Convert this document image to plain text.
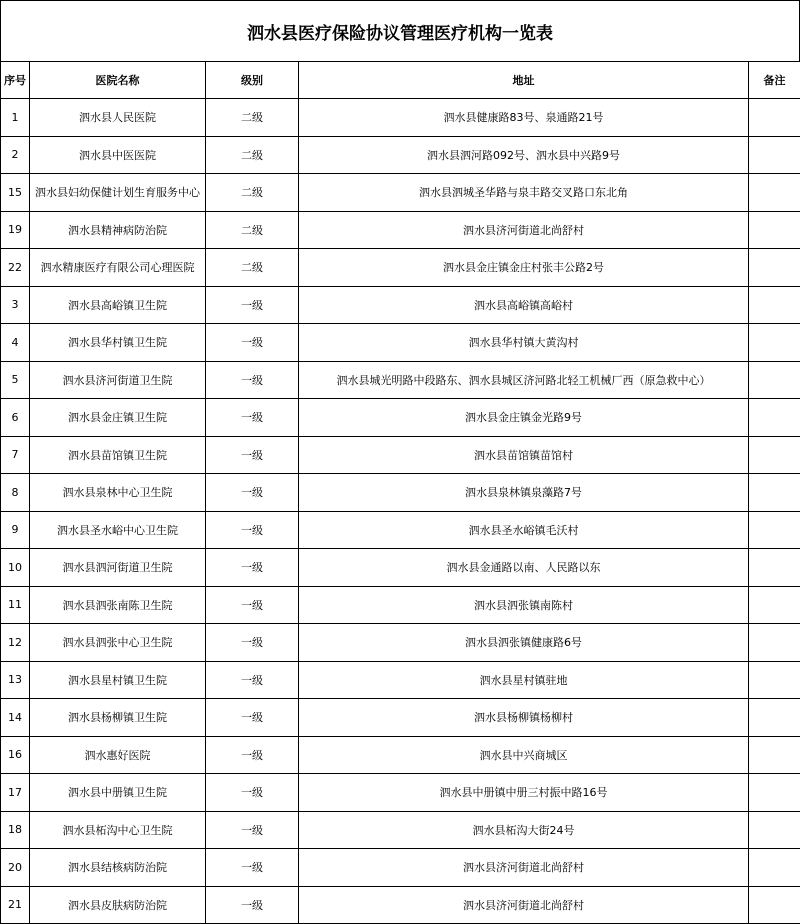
泗水县医疗保险协议管理医疗机构一览表
序号	医院名称	级别	地址	备注
1	泗水县人民医院	二级	泗水县健康路83号、泉通路21号	
2	泗水县中医医院	二级	泗水县泗河路092号、泗水县中兴路9号	
15	泗水县妇幼保健计划生育服务中心	二级	泗水县泗城圣华路与泉丰路交叉路口东北角	
19	泗水县精神病防治院	二级	泗水县济河街道北尚舒村	
22	泗水精康医疗有限公司心理医院	二级	泗水县金庄镇金庄村张丰公路2号	
3	泗水县高峪镇卫生院	一级	泗水县高峪镇高峪村	
4	泗水县华村镇卫生院	一级	泗水县华村镇大黄沟村	
5	泗水县济河街道卫生院	一级	泗水县城光明路中段路东、泗水县城区济河路北轻工机械厂西（原急救中心）	
6	泗水县金庄镇卫生院	一级	泗水县金庄镇金光路9号	
7	泗水县苗馆镇卫生院	一级	泗水县苗馆镇苗馆村	
8	泗水县泉林中心卫生院	一级	泗水县泉林镇泉藻路7号	
9	泗水县圣水峪中心卫生院	一级	泗水县圣水峪镇毛沃村	
10	泗水县泗河街道卫生院	一级	泗水县金通路以南、人民路以东	
11	泗水县泗张南陈卫生院	一级	泗水县泗张镇南陈村	
12	泗水县泗张中心卫生院	一级	泗水县泗张镇健康路6号	
13	泗水县星村镇卫生院	一级	泗水县星村镇驻地	
14	泗水县杨柳镇卫生院	一级	泗水县杨柳镇杨柳村	
16	泗水惠好医院	一级	泗水县中兴商城区	
17	泗水县中册镇卫生院	一级	泗水县中册镇中册三村振中路16号	
18	泗水县柘沟中心卫生院	一级	泗水县柘沟大街24号	
20	泗水县结核病防治院	一级	泗水县济河街道北尚舒村	
21	泗水县皮肤病防治院	一级	泗水县济河街道北尚舒村	
